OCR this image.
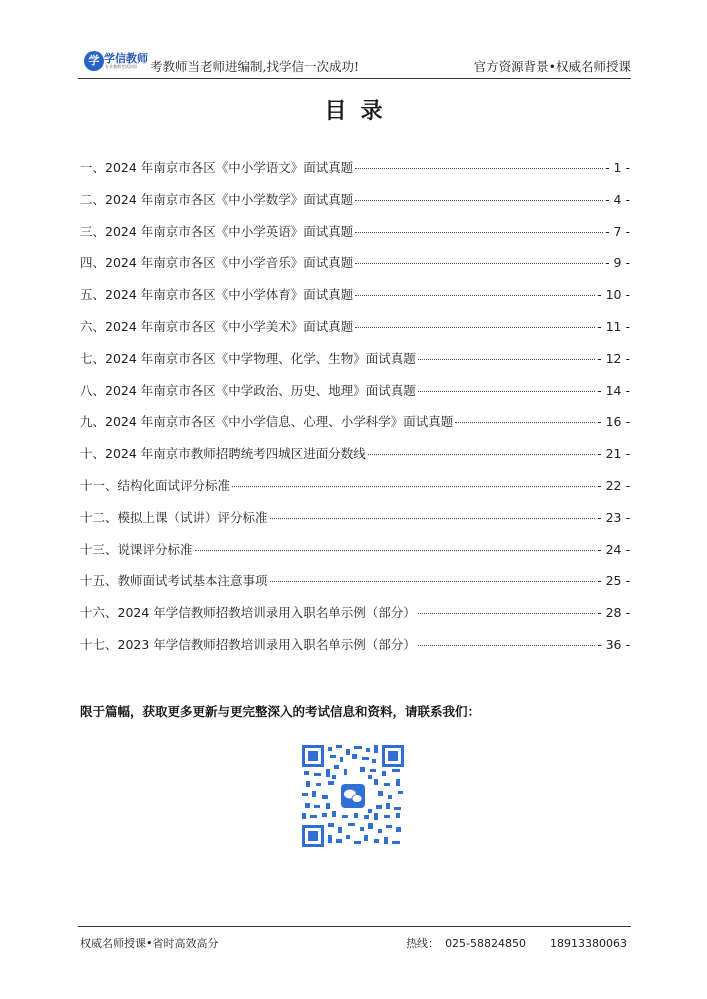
学 学信教师
专业教师考试培训 考教师当老师进编制,找学信一次成功!	官方资源背景•权威名师授课
目录
一、2024 年南京市各区《中小学语文》面试真题	- 1 -
二、2024 年南京市各区《中小学数学》面试真题	- 4 -
三、2024 年南京市各区《中小学英语》面试真题	- 7 -
四、2024 年南京市各区《中小学音乐》面试真题	- 9 -
五、2024 年南京市各区《中小学体育》面试真题	- 10 -
六、2024 年南京市各区《中小学美术》面试真题	- 11 -
七、2024 年南京市各区《中学物理、化学、生物》面试真题	- 12 -
八、2024 年南京市各区《中学政治、历史、地理》面试真题	- 14 -
九、2024 年南京市各区《中小学信息、心理、小学科学》面试真题	- 16 -
十、2024 年南京市教师招聘统考四城区进面分数线	- 21 -
十一、结构化面试评分标准	- 22 -
十二、模拟上课（试讲）评分标准	- 23 -
十三、说课评分标准	- 24 -
十五、教师面试考试基本注意事项	- 25 -
十六、2024 年学信教师招教培训录用入职名单示例（部分）	- 28 -
十七、2023 年学信教师招教培训录用入职名单示例（部分）	- 36 -
限于篇幅，获取更多更新与更完整深入的考试信息和资料，请联系我们：
权威名师授课•省时高效高分	热线： 025-58824850 18913380063
